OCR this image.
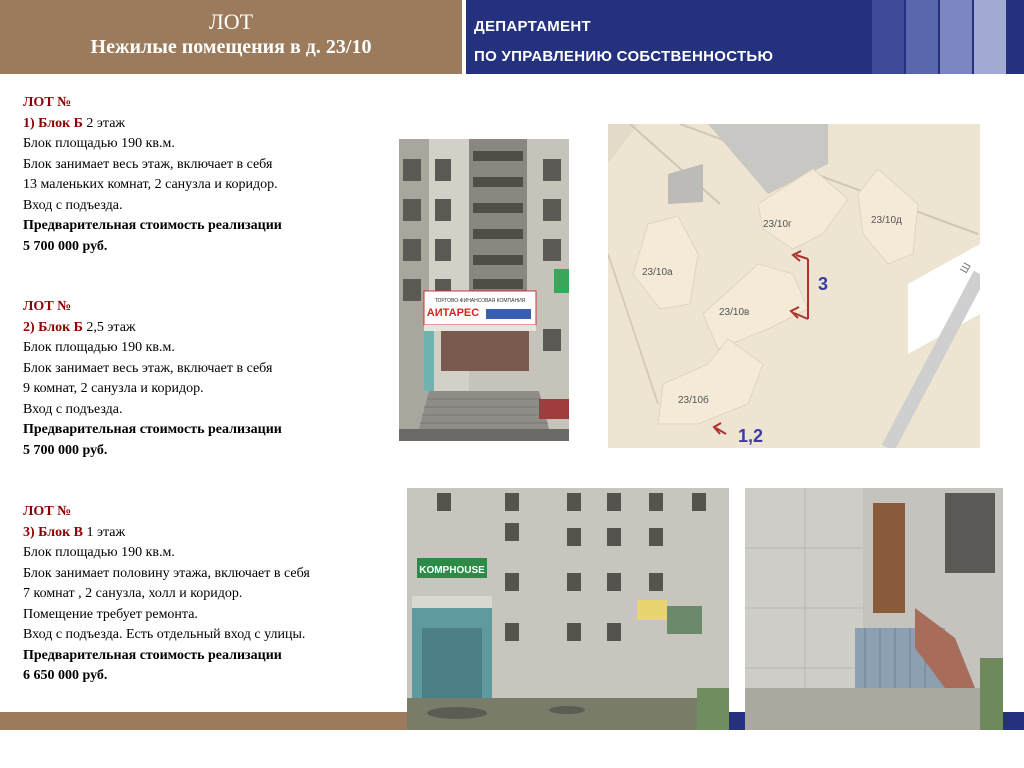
ЛОТ
Нежилые помещения в д. 23/10
ДЕПАРТАМЕНТ
ПО УПРАВЛЕНИЮ СОБСТВЕННОСТЬЮ
ЛОТ №
1) Блок Б 2 этаж
Блок площадью 190 кв.м.
Блок занимает весь этаж, включает в себя
13 маленьких комнат, 2 санузла и коридор.
Вход с подъезда.
Предварительная стоимость реализации
5 700 000 руб.
ЛОТ №
2) Блок Б 2,5 этаж
Блок площадью 190 кв.м.
Блок занимает весь этаж, включает в себя
9 комнат, 2 санузла и коридор.
Вход с подъезда.
Предварительная стоимость реализации
5 700 000 руб.
ЛОТ №
3) Блок В 1 этаж
Блок площадью 190 кв.м.
Блок занимает половину этажа, включает в себя
7 комнат , 2 санузла, холл и коридор.
Помещение требует ремонта.
Вход с подъезда. Есть отдельный вход с улицы.
Предварительная стоимость реализации
6 650 000 руб.
ТОРГОВО-ФИНАНСОВАЯ КОМПАНИЯ
АИТАРЕС
23/10а
23/10г	23/10д
23/10в
23/10б
Ш
3
1,2
KOMPHOUSE
